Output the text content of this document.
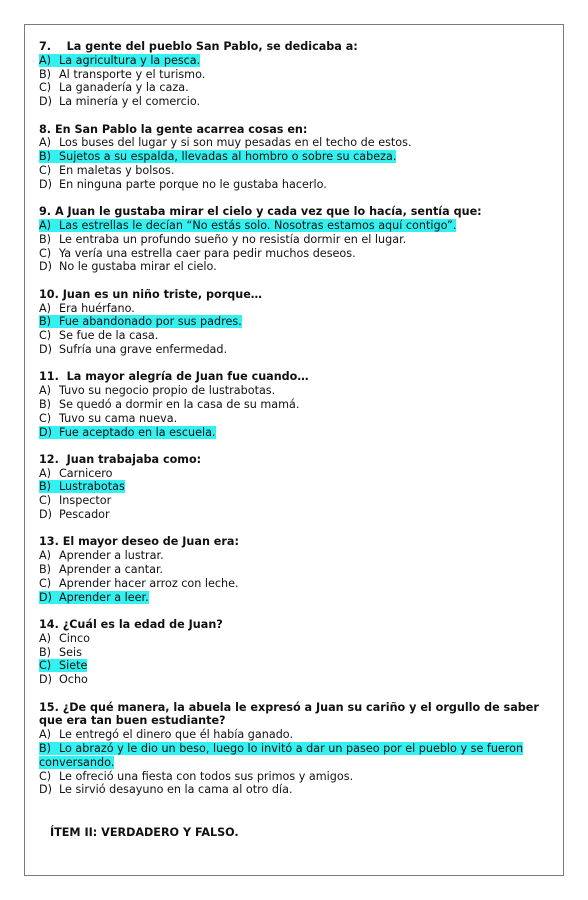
7. La gente del pueblo San Pablo, se dedicaba a:
A) La agricultura y la pesca.
B) Al transporte y el turismo.
C) La ganadería y la caza.
D) La minería y el comercio.
8. En San Pablo la gente acarrea cosas en:
A) Los buses del lugar y si son muy pesadas en el techo de estos.
B) Sujetos a su espalda, llevadas al hombro o sobre su cabeza.
C) En maletas y bolsos.
D) En ninguna parte porque no le gustaba hacerlo.
9. A Juan le gustaba mirar el cielo y cada vez que lo hacía, sentía que:
A) Las estrellas le decían “No estás solo. Nosotras estamos aquí contigo”.
B) Le entraba un profundo sueño y no resistía dormir en el lugar.
C) Ya vería una estrella caer para pedir muchos deseos.
D) No le gustaba mirar el cielo.
10. Juan es un niño triste, porque…
A) Era huérfano.
B) Fue abandonado por sus padres.
C) Se fue de la casa.
D) Sufría una grave enfermedad.
11. La mayor alegría de Juan fue cuando…
A) Tuvo su negocio propio de lustrabotas.
B) Se quedó a dormir en la casa de su mamá.
C) Tuvo su cama nueva.
D) Fue aceptado en la escuela.
12. Juan trabajaba como:
A) Carnicero
B) Lustrabotas
C) Inspector
D) Pescador
13. El mayor deseo de Juan era:
A) Aprender a lustrar.
B) Aprender a cantar.
C) Aprender hacer arroz con leche.
D) Aprender a leer.
14. ¿Cuál es la edad de Juan?
A) Cinco
B) Seis
C) Siete
D) Ocho
15. ¿De qué manera, la abuela le expresó a Juan su cariño y el orgullo de saber que era tan buen estudiante?
A) Le entregó el dinero que él había ganado.
B) Lo abrazó y le dio un beso, luego lo invitó a dar un paseo por el pueblo y se fueron conversando.
C) Le ofreció una fiesta con todos sus primos y amigos.
D) Le sirvió desayuno en la cama al otro día.
ÍTEM II: VERDADERO Y FALSO.
